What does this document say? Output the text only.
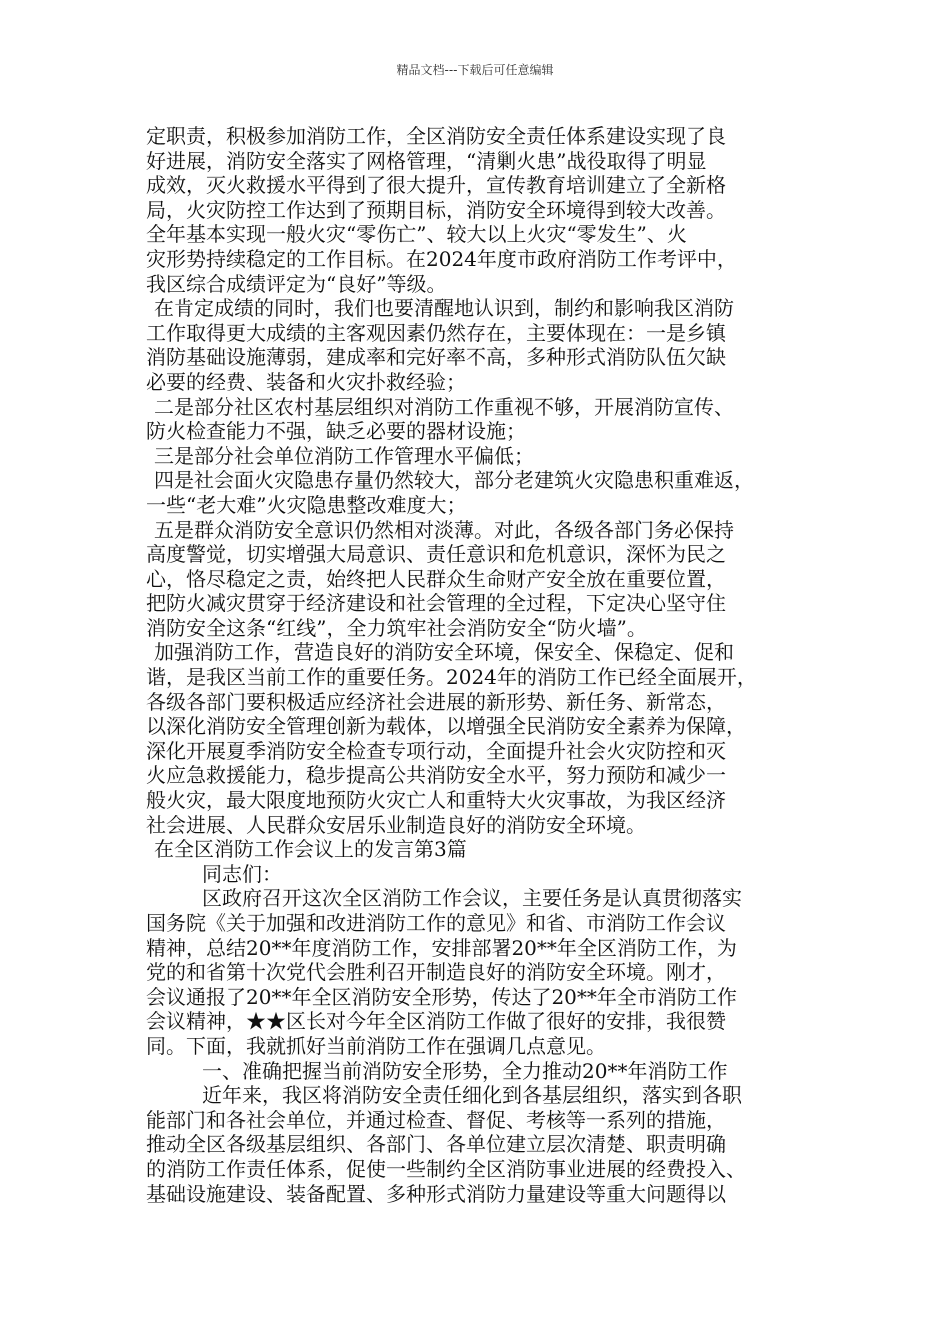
精品文档---下载后可任意编辑
定职责，积极参加消防工作，全区消防安全责任体系建设实现了良
好进展，消防安全落实了网格管理，“清剿火患”战役取得了明显
成效，灭火救援水平得到了很大提升，宣传教育培训建立了全新格
局，火灾防控工作达到了预期目标，消防安全环境得到较大改善。
全年基本实现一般火灾“零伤亡”、较大以上火灾“零发生”、火
灾形势持续稳定的工作目标。在2024年度市政府消防工作考评中，
我区综合成绩评定为“良好”等级。
在肯定成绩的同时，我们也要清醒地认识到，制约和影响我区消防
工作取得更大成绩的主客观因素仍然存在，主要体现在：一是乡镇
消防基础设施薄弱，建成率和完好率不高，多种形式消防队伍欠缺
必要的经费、装备和火灾扑救经验；
二是部分社区农村基层组织对消防工作重视不够，开展消防宣传、
防火检查能力不强，缺乏必要的器材设施；
三是部分社会单位消防工作管理水平偏低；
四是社会面火灾隐患存量仍然较大，部分老建筑火灾隐患积重难返，
一些“老大难”火灾隐患整改难度大；
五是群众消防安全意识仍然相对淡薄。对此，各级各部门务必保持
高度警觉，切实增强大局意识、责任意识和危机意识，深怀为民之
心，恪尽稳定之责，始终把人民群众生命财产安全放在重要位置，
把防火减灾贯穿于经济建设和社会管理的全过程，下定决心坚守住
消防安全这条“红线”，全力筑牢社会消防安全“防火墙”。
加强消防工作，营造良好的消防安全环境，保安全、保稳定、促和
谐，是我区当前工作的重要任务。2024年的消防工作已经全面展开，
各级各部门要积极适应经济社会进展的新形势、新任务、新常态，
以深化消防安全管理创新为载体，以增强全民消防安全素养为保障，
深化开展夏季消防安全检查专项行动，全面提升社会火灾防控和灭
火应急救援能力，稳步提高公共消防安全水平，努力预防和减少一
般火灾，最大限度地预防火灾亡人和重特大火灾事故，为我区经济
社会进展、人民群众安居乐业制造良好的消防安全环境。
在全区消防工作会议上的发言第3篇
同志们：
区政府召开这次全区消防工作会议，主要任务是认真贯彻落实
国务院《关于加强和改进消防工作的意见》和省、市消防工作会议
精神，总结20**年度消防工作，安排部署20**年全区消防工作，为
党的和省第十次党代会胜利召开制造良好的消防安全环境。刚才，
会议通报了20**年全区消防安全形势，传达了20**年全市消防工作
会议精神，★★区长对今年全区消防工作做了很好的安排，我很赞
同。下面，我就抓好当前消防工作在强调几点意见。
一、准确把握当前消防安全形势，全力推动20**年消防工作
近年来，我区将消防安全责任细化到各基层组织，落实到各职
能部门和各社会单位，并通过检查、督促、考核等一系列的措施，
推动全区各级基层组织、各部门、各单位建立层次清楚、职责明确
的消防工作责任体系，促使一些制约全区消防事业进展的经费投入、
基础设施建设、装备配置、多种形式消防力量建设等重大问题得以
